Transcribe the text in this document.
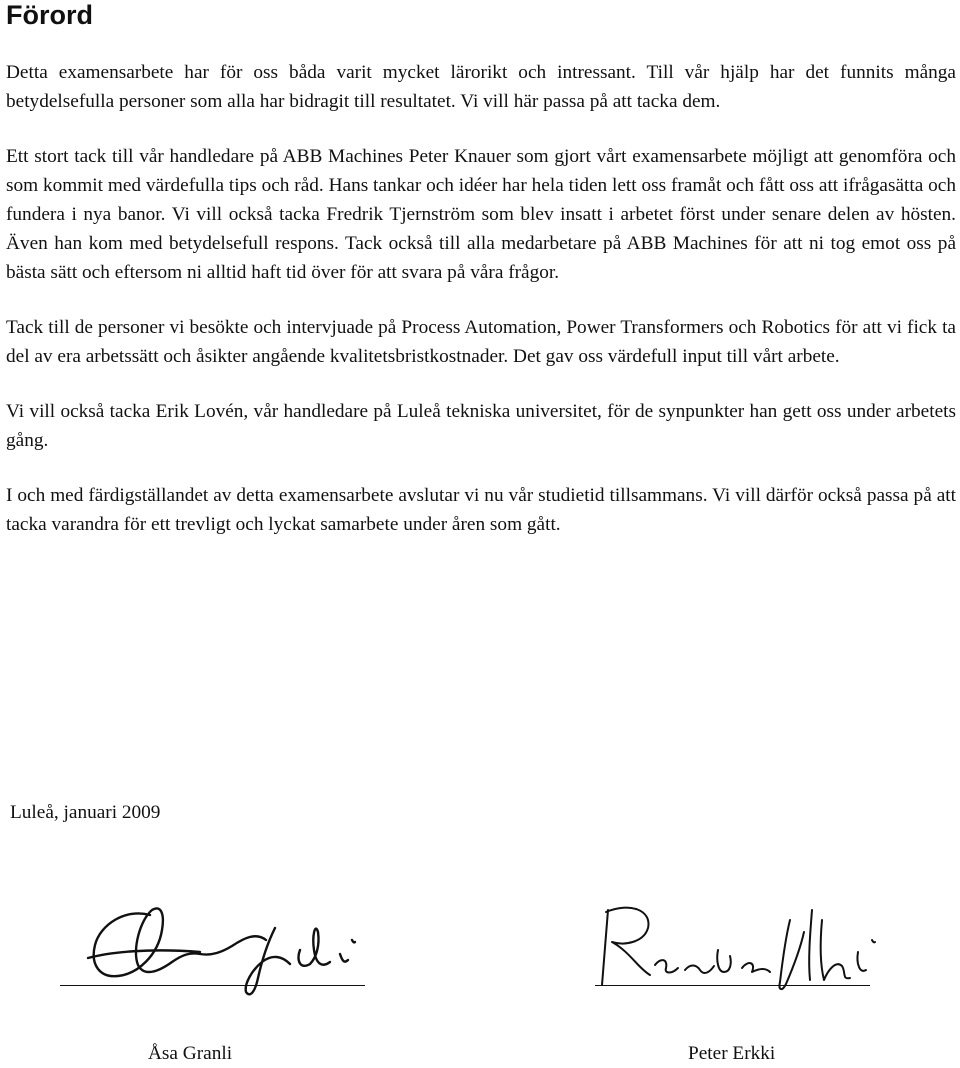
Förord

Detta examensarbete har för oss båda varit mycket lärorikt och intressant. Till vår hjälp har det funnits många betydelsefulla personer som alla har bidragit till resultatet. Vi vill här passa på att tacka dem.

Ett stort tack till vår handledare på ABB Machines Peter Knauer som gjort vårt examensarbete möjligt att genomföra och som kommit med värdefulla tips och råd. Hans tankar och idéer har hela tiden lett oss framåt och fått oss att ifrågasätta och fundera i nya banor. Vi vill också tacka Fredrik Tjernström som blev insatt i arbetet först under senare delen av hösten. Även han kom med betydelsefull respons. Tack också till alla medarbetare på ABB Machines för att ni tog emot oss på bästa sätt och eftersom ni alltid haft tid över för att svara på våra frågor.

Tack till de personer vi besökte och intervjuade på Process Automation, Power Transformers och Robotics för att vi fick ta del av era arbetssätt och åsikter angående kvalitetsbristkostnader. Det gav oss värdefull input till vårt arbete.

Vi vill också tacka Erik Lovén, vår handledare på Luleå tekniska universitet, för de synpunkter han gett oss under arbetets gång.

I och med färdigställandet av detta examensarbete avslutar vi nu vår studietid tillsammans. Vi vill därför också passa på att tacka varandra för ett trevligt och lyckat samarbete under åren som gått.

Luleå, januari 2009
Åsa Granli	Peter Erkki
